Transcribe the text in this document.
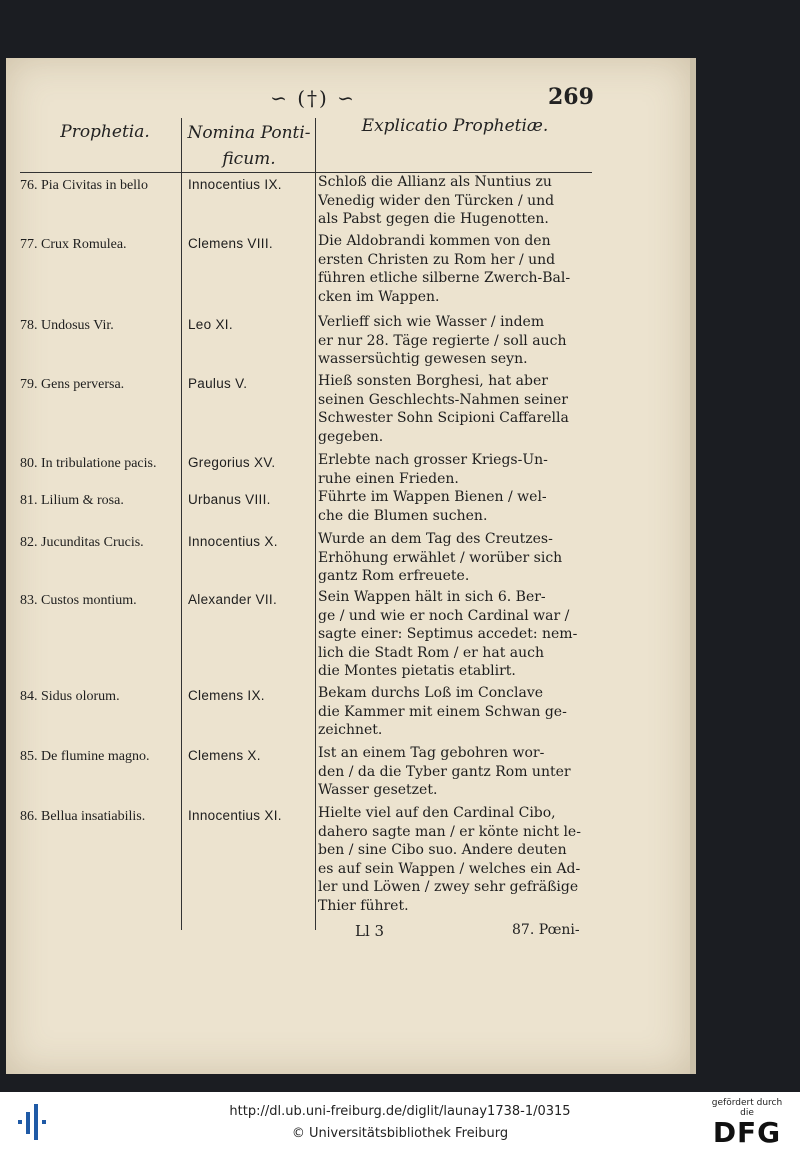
∽ (†) ∽	269
Prophetia.	Nomina Ponti-
ficum.
Explicatio Prophetiæ.
76. Pia Civitas in bello	Innocentius IX.	Schloß die Allianz als Nuntius zu
Venedig wider den Türcken / und
als Pabst gegen die Hugenotten.
77. Crux Romulea.	Clemens VIII.	Die Aldobrandi kommen von den
ersten Christen zu Rom her / und
führen etliche silberne Zwerch-Bal-
cken im Wappen.
78. Undosus Vir.	Leo XI.	Verlieff sich wie Wasser / indem
er nur 28. Täge regierte / soll auch
wassersüchtig gewesen seyn.
79. Gens perversa.	Paulus V.	Hieß sonsten Borghesi, hat aber
seinen Geschlechts-Nahmen seiner
Schwester Sohn Scipioni Caffarella
gegeben.
80. In tribulatione pacis.	Gregorius XV.	Erlebte nach grosser Kriegs-Un-
ruhe einen Frieden.
81. Lilium & rosa.	Urbanus VIII.	Führte im Wappen Bienen / wel-
che die Blumen suchen.
82. Jucunditas Crucis.	Innocentius X.	Wurde an dem Tag des Creutzes-
Erhöhung erwählet / worüber sich
gantz Rom erfreuete.
83. Custos montium.	Alexander VII.	Sein Wappen hält in sich 6. Ber-
ge / und wie er noch Cardinal war /
sagte einer: Septimus accedet: nem-
lich die Stadt Rom / er hat auch
die Montes pietatis etablirt.
84. Sidus olorum.	Clemens IX.	Bekam durchs Loß im Conclave
die Kammer mit einem Schwan ge-
zeichnet.
85. De flumine magno.	Clemens X.	Ist an einem Tag gebohren wor-
den / da die Tyber gantz Rom unter
Wasser gesetzet.
86. Bellua insatiabilis.	Innocentius XI.	Hielte viel auf den Cardinal Cibo,
dahero sagte man / er könte nicht le-
ben / sine Cibo suo. Andere deuten
es auf sein Wappen / welches ein Ad-
ler und Löwen / zwey sehr gefräßige
Thier führet.
Ll 3	87. Pœni-
http://dl.ub.uni-freiburg.de/diglit/launay1738-1/0315
© Universitätsbibliothek Freiburg
gefördert durch die
DFG
